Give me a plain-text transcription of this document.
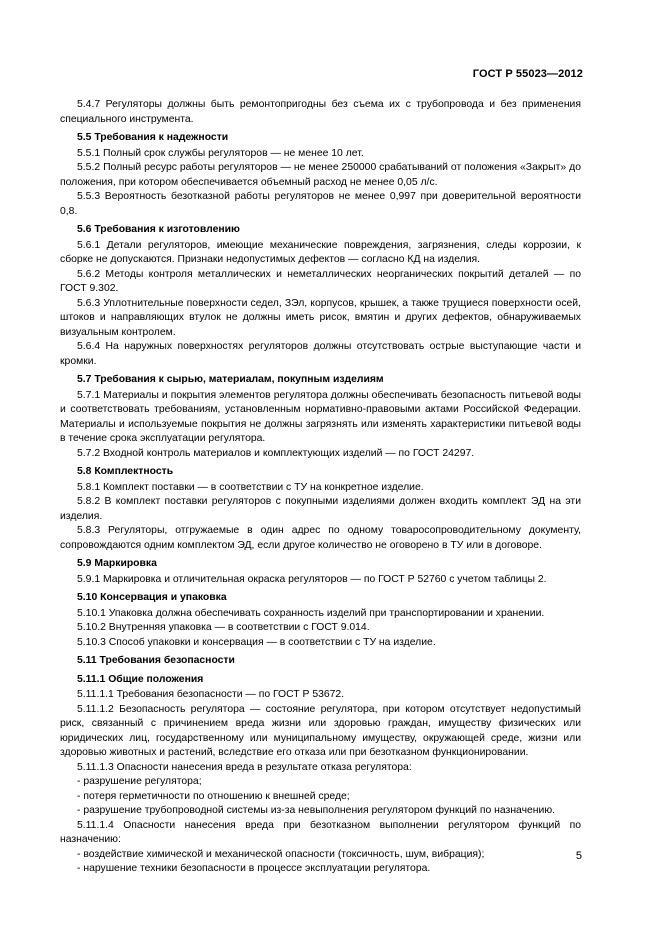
ГОСТ Р 55023—2012
5.4.7 Регуляторы должны быть ремонтопригодны без съема их с трубопровода и без применения специального инструмента.
5.5 Требования к надежности
5.5.1 Полный срок службы регуляторов — не менее 10 лет.
5.5.2 Полный ресурс работы регуляторов — не менее 250000 срабатываний от положения «Закрыт» до положения, при котором обеспечивается объемный расход не менее 0,05 л/с.
5.5.3 Вероятность безотказной работы регуляторов не менее 0,997 при доверительной вероятности 0,8.
5.6 Требования к изготовлению
5.6.1 Детали регуляторов, имеющие механические повреждения, загрязнения, следы коррозии, к сборке не допускаются. Признаки недопустимых дефектов — согласно КД на изделия.
5.6.2 Методы контроля металлических и неметаллических неорганических покрытий деталей — по ГОСТ 9.302.
5.6.3 Уплотнительные поверхности седел, ЗЭл, корпусов, крышек, а также трущиеся поверхности осей, штоков и направляющих втулок не должны иметь рисок, вмятин и других дефектов, обнаруживаемых визуальным контролем.
5.6.4 На наружных поверхностях регуляторов должны отсутствовать острые выступающие части и кромки.
5.7 Требования к сырью, материалам, покупным изделиям
5.7.1 Материалы и покрытия элементов регулятора должны обеспечивать безопасность питьевой воды и соответствовать требованиям, установленным нормативно-правовыми актами Российской Федерации. Материалы и используемые покрытия не должны загрязнять или изменять характеристики питьевой воды в течение срока эксплуатации регулятора.
5.7.2 Входной контроль материалов и комплектующих изделий — по ГОСТ 24297.
5.8 Комплектность
5.8.1 Комплект поставки — в соответствии с ТУ на конкретное изделие.
5.8.2 В комплект поставки регуляторов с покупными изделиями должен входить комплект ЭД на эти изделия.
5.8.3 Регуляторы, отгружаемые в один адрес по одному товаросопроводительному документу, сопровождаются одним комплектом ЭД, если другое количество не оговорено в ТУ или в договоре.
5.9 Маркировка
5.9.1 Маркировка и отличительная окраска регуляторов — по ГОСТ Р 52760 с учетом таблицы 2.
5.10 Консервация и упаковка
5.10.1 Упаковка должна обеспечивать сохранность изделий при транспортировании и хранении.
5.10.2 Внутренняя упаковка — в соответствии с ГОСТ 9.014.
5.10.3 Способ упаковки и консервация — в соответствии с ТУ на изделие.
5.11 Требования безопасности
5.11.1 Общие положения
5.11.1.1 Требования безопасности — по ГОСТ Р 53672.
5.11.1.2 Безопасность регулятора — состояние регулятора, при котором отсутствует недопустимый риск, связанный с причинением вреда жизни или здоровью граждан, имуществу физических или юридических лиц, государственному или муниципальному имуществу, окружающей среде, жизни или здоровью животных и растений, вследствие его отказа или при безотказном функционировании.
5.11.1.3 Опасности нанесения вреда в результате отказа регулятора:
- разрушение регулятора;
- потеря герметичности по отношению к внешней среде;
- разрушение трубопроводной системы из-за невыполнения регулятором функций по назначению.
5.11.1.4 Опасности нанесения вреда при безотказном выполнении регулятором функций по назначению:
- воздействие химической и механической опасности (токсичность, шум, вибрация);
- нарушение техники безопасности в процессе эксплуатации регулятора.
5
